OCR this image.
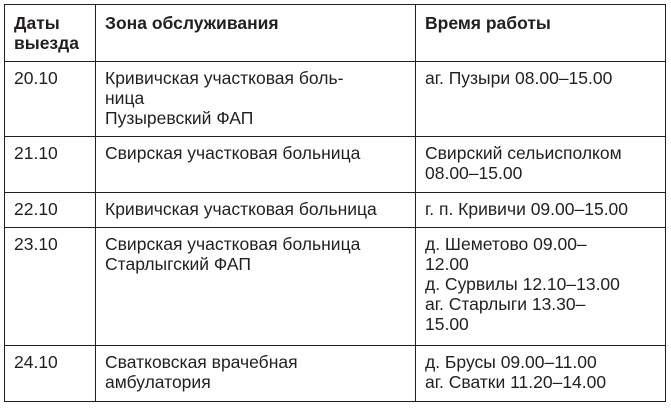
Даты
выезда	Зона обслуживания	Время работы
20.10	Кривичская участковая боль-
ница
Пузыревский ФАП	аг. Пузыри 08.00–15.00

21.10	Свирская участковая больница	Свирский сельисполком
08.00–15.00

22.10	Кривичская участковая больница	г. п. Кривичи 09.00–15.00

23.10	Свирская участковая больница
Старлыгский ФАП	д. Шеметово 09.00–
12.00
д. Сурвилы 12.10–13.00
аг. Старлыги 13.30–
15.00

24.10	Сватковская врачебная
амбулатория	д. Брусы 09.00–11.00
аг. Сватки 11.20–14.00
